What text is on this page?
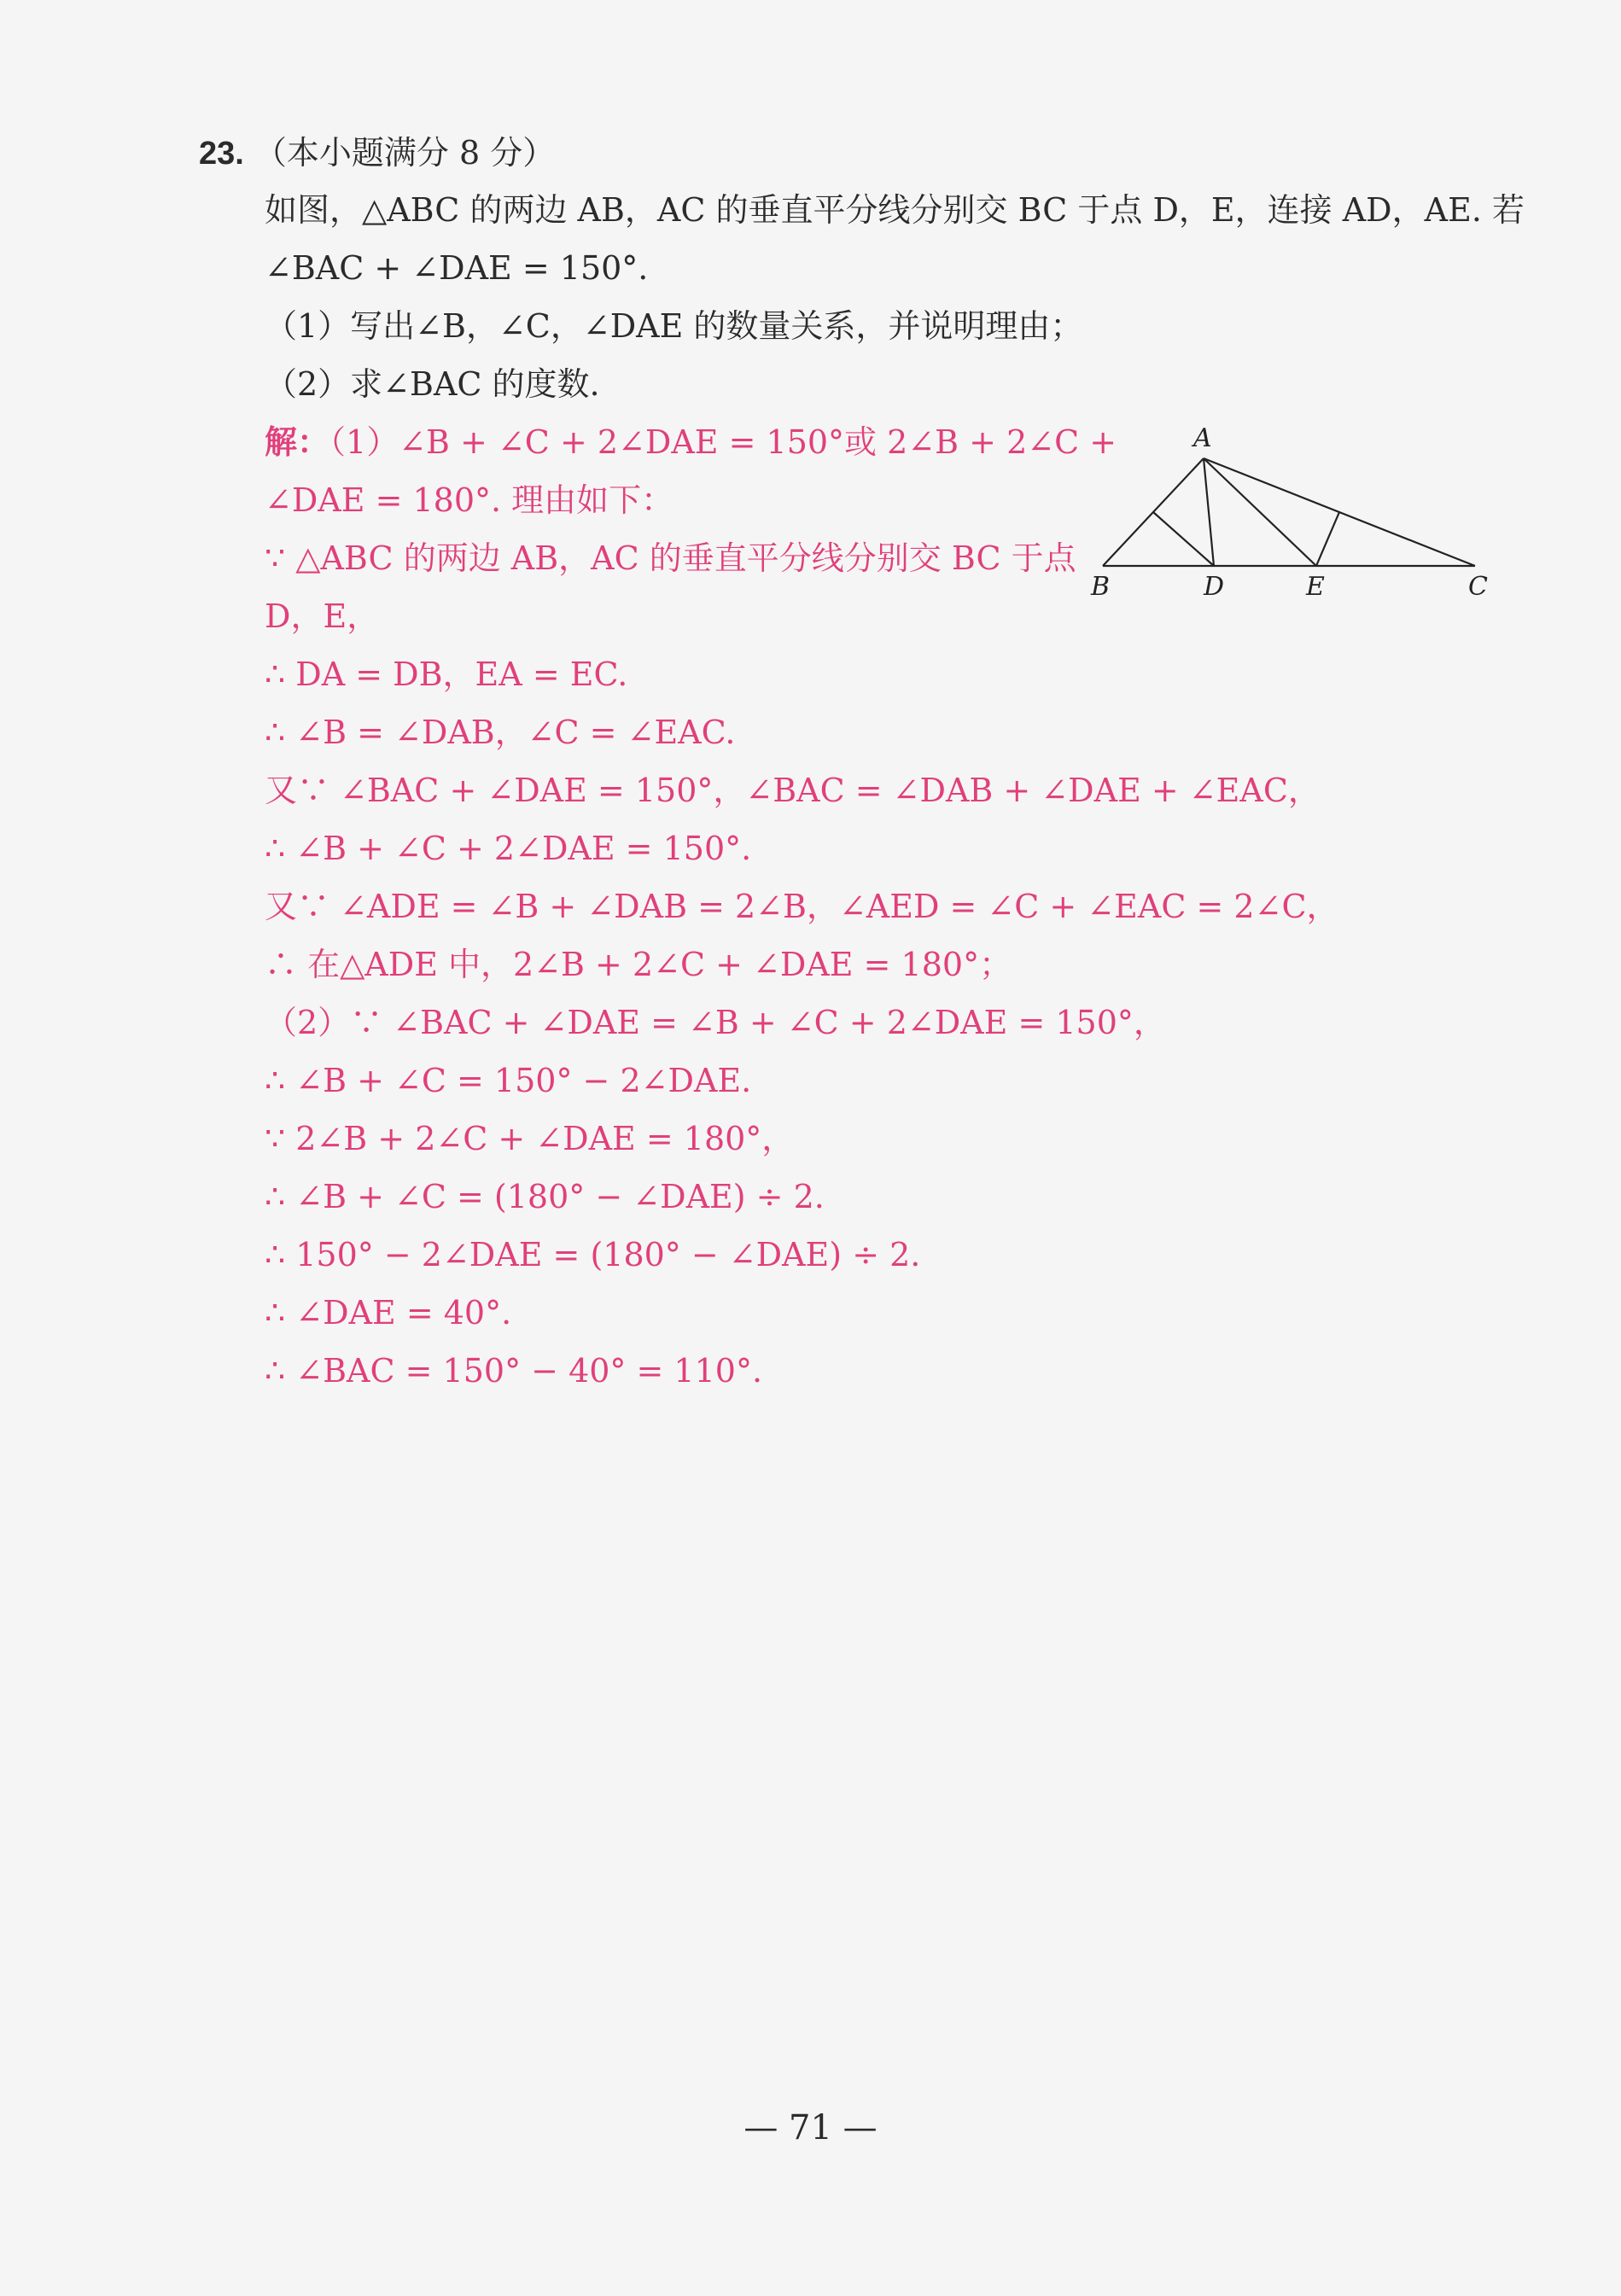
23. （本小题满分 8 分）
如图，△ABC 的两边 AB，AC 的垂直平分线分别交 BC 于点 D，E，连接 AD，AE. 若
∠BAC + ∠DAE = 150°.
（1）写出∠B，∠C，∠DAE 的数量关系，并说明理由；
（2）求∠BAC 的度数.
解：（1）∠B + ∠C + 2∠DAE = 150°或 2∠B + 2∠C +
∠DAE = 180°. 理由如下：
∵ △ABC 的两边 AB，AC 的垂直平分线分别交 BC 于点
D，E，
∴ DA = DB，EA = EC.
∴ ∠B = ∠DAB，∠C = ∠EAC.
又∵ ∠BAC + ∠DAE = 150°，∠BAC = ∠DAB + ∠DAE + ∠EAC，
∴ ∠B + ∠C + 2∠DAE = 150°.
又∵ ∠ADE = ∠B + ∠DAB = 2∠B，∠AED = ∠C + ∠EAC = 2∠C，
∴ 在△ADE 中，2∠B + 2∠C + ∠DAE = 180°；
（2）∵ ∠BAC + ∠DAE = ∠B + ∠C + 2∠DAE = 150°，
∴ ∠B + ∠C = 150° − 2∠DAE.
∵ 2∠B + 2∠C + ∠DAE = 180°，
∴ ∠B + ∠C = (180° − ∠DAE) ÷ 2.
∴ 150° − 2∠DAE = (180° − ∠DAE) ÷ 2.
∴ ∠DAE = 40°.
∴ ∠BAC = 150° − 40° = 110°.
A
B	D	E	C
— 71 —
